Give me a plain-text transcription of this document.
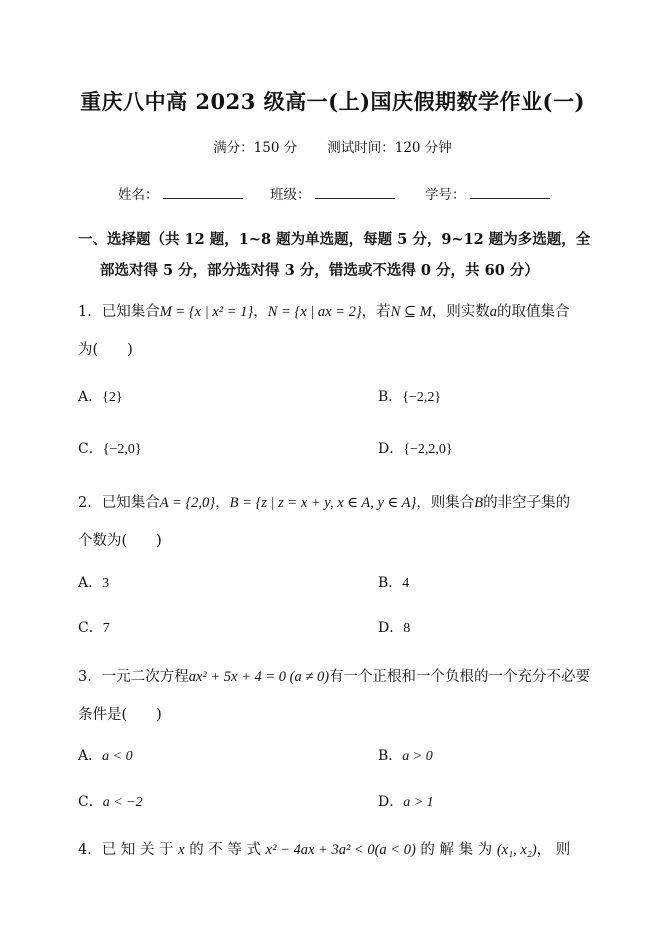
重庆八中高 2023 级高一(上)国庆假期数学作业(一)
满分：150 分 测试时间：120 分钟
姓名：	班级：	学号：
一、选择题（共 12 题，1~8 题为单选题，每题 5 分，9~12 题为多选题，全
部选对得 5 分，部分选对得 3 分，错选或不选得 0 分，共 60 分）
1．已知集合M = {x | x² = 1}，N = {x | ax = 2}，若N ⊆ M，则实数a的取值集合
为(　　)
A．{2}	B．{−2,2}
C．{−2,0}	D．{−2,2,0}
2．已知集合A = {2,0}，B = {z | z = x + y, x ∈ A, y ∈ A}，则集合B的非空子集的
个数为(　　)
A．3	B．4
C．7	D．8
3．一元二次方程ax² + 5x + 4 = 0 (a ≠ 0)有一个正根和一个负根的一个充分不必要
条件是(　　)
A．a < 0	B．a > 0
C．a < −2	D．a > 1
4．已 知 关 于 x 的 不 等 式 x² − 4ax + 3a² < 0(a < 0) 的 解 集 为 (x₁, x₂)， 则
